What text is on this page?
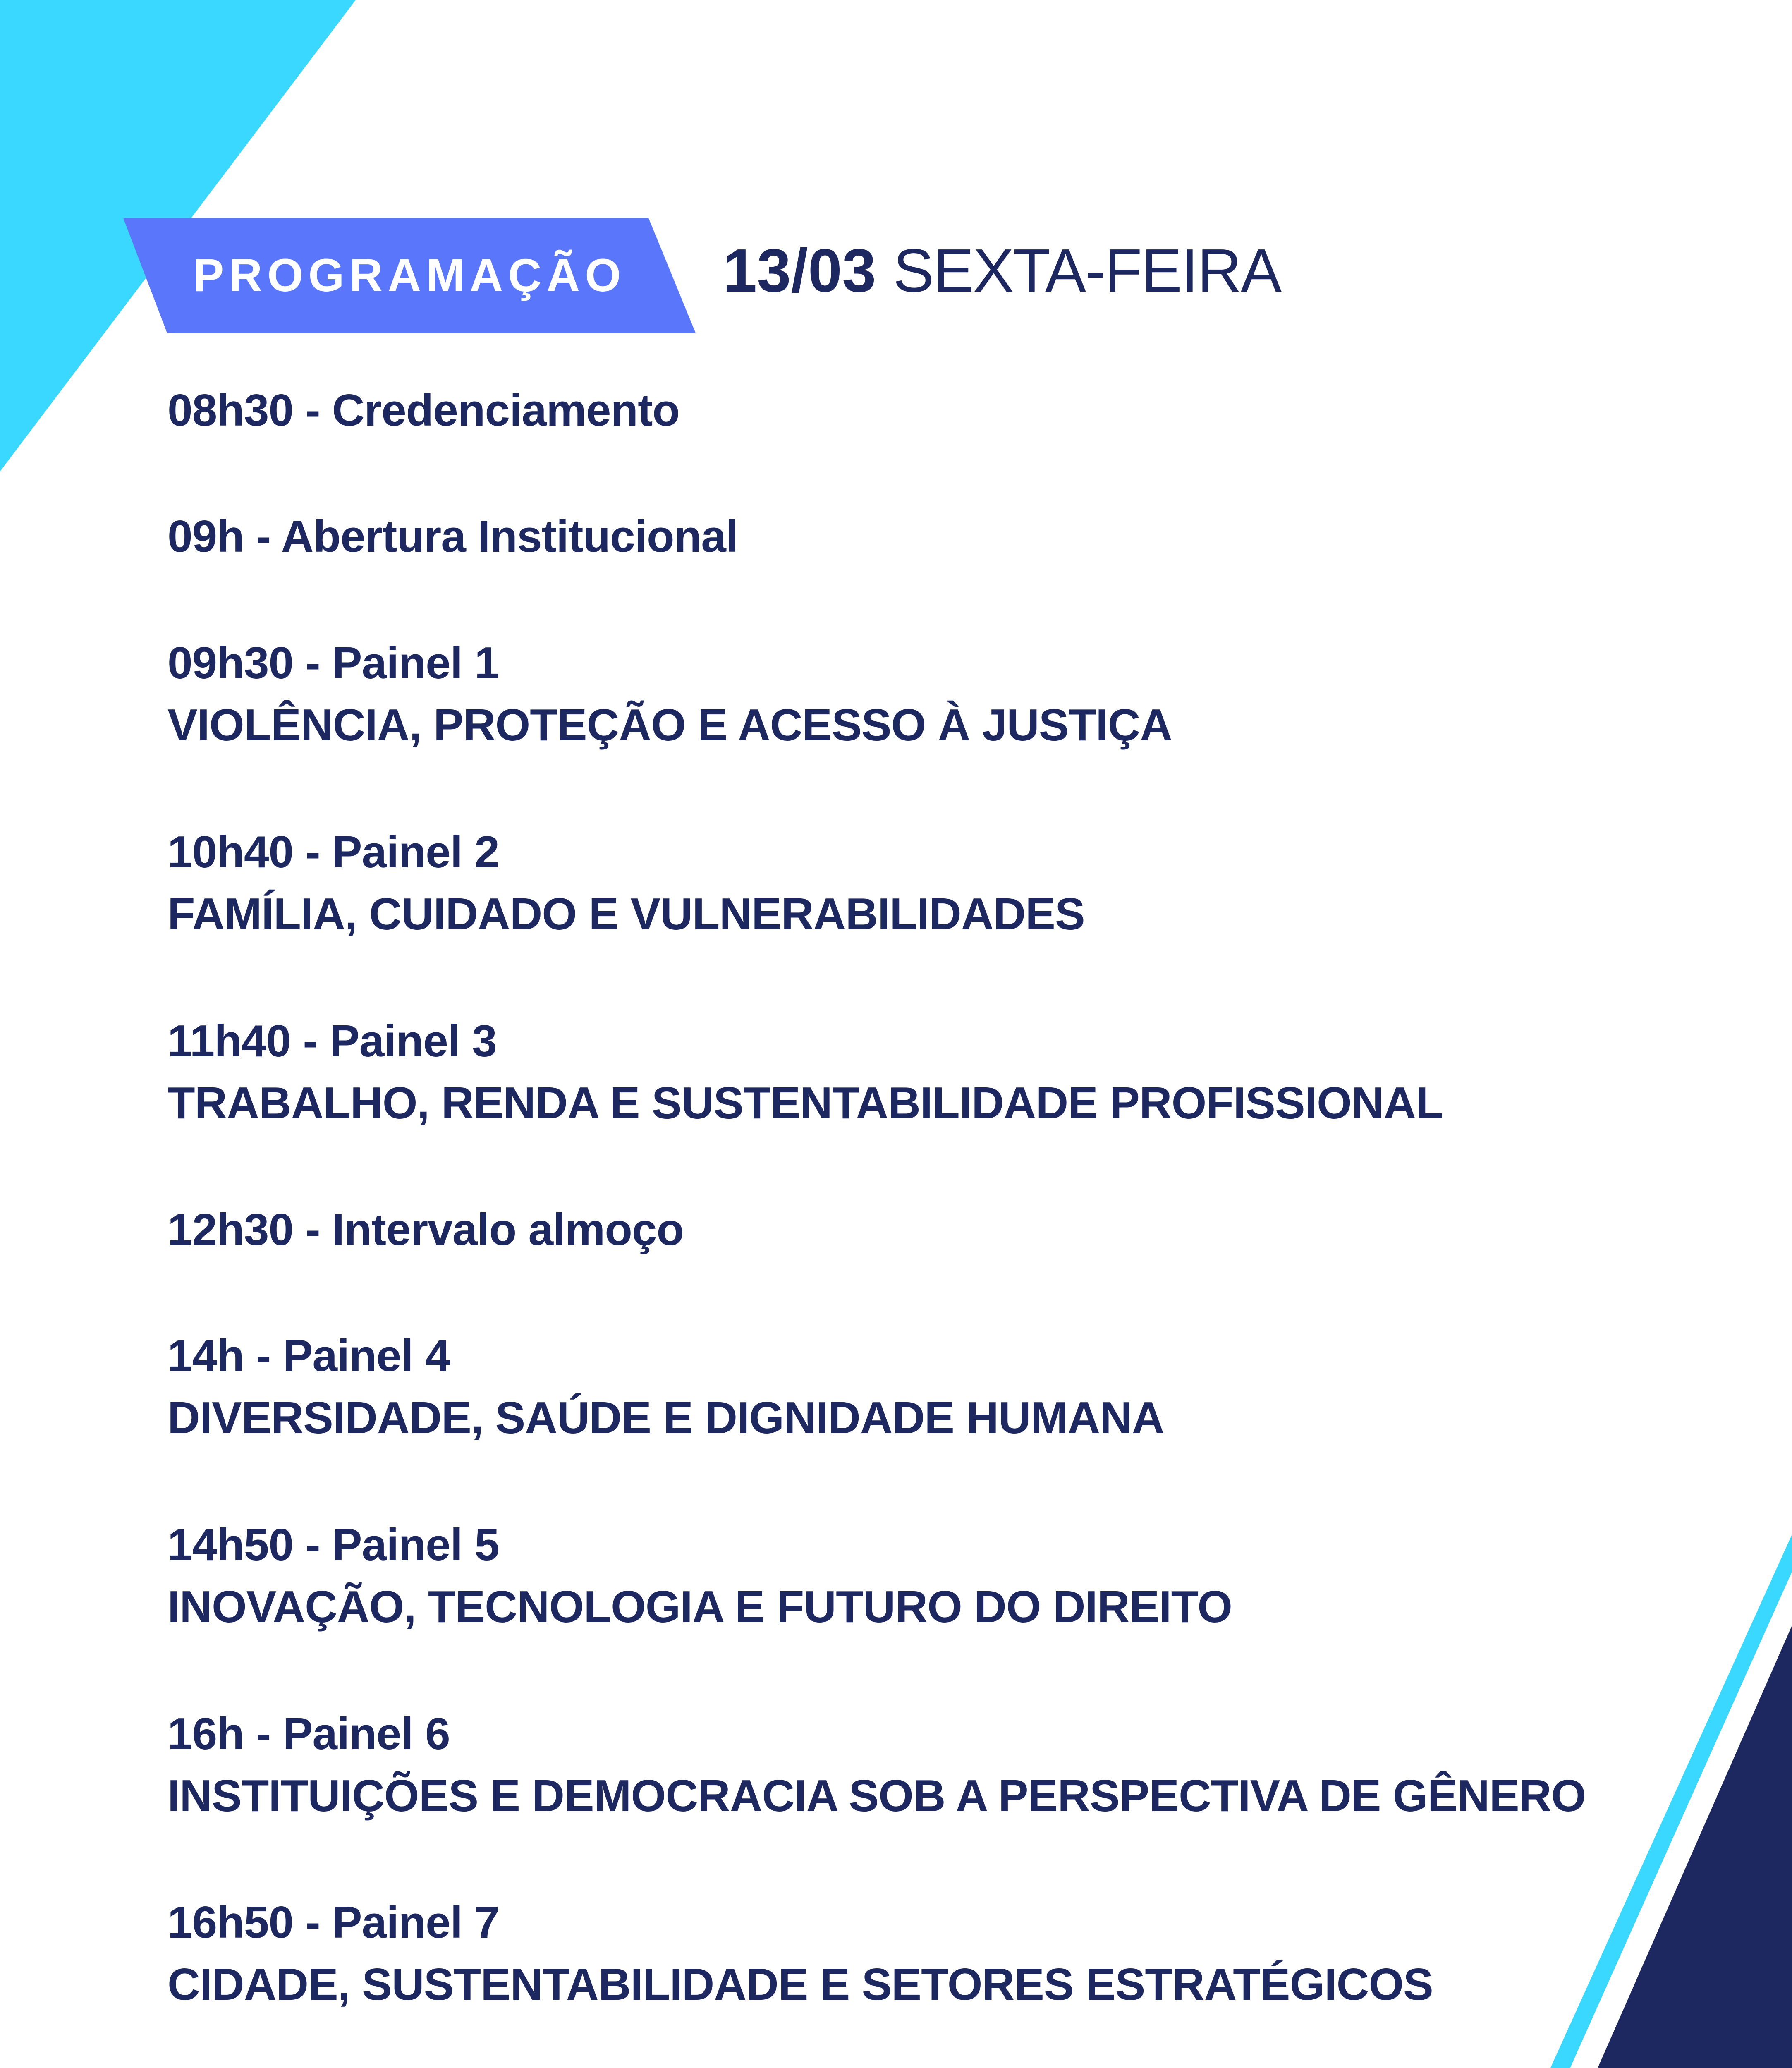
PROGRAMAÇÃO	13/03 SEXTA-FEIRA
08h30 - Credenciamento
09h - Abertura Institucional
09h30 - Painel 1
VIOLÊNCIA, PROTEÇÃO E ACESSO À JUSTIÇA
10h40 - Painel 2
FAMÍLIA, CUIDADO E VULNERABILIDADES
11h40 - Painel 3
TRABALHO, RENDA E SUSTENTABILIDADE PROFISSIONAL
12h30 - Intervalo almoço
14h - Painel 4
DIVERSIDADE, SAÚDE E DIGNIDADE HUMANA
14h50 - Painel 5
INOVAÇÃO, TECNOLOGIA E FUTURO DO DIREITO
16h - Painel 6
INSTITUIÇÕES E DEMOCRACIA SOB A PERSPECTIVA DE GÊNERO
16h50 - Painel 7
CIDADE, SUSTENTABILIDADE E SETORES ESTRATÉGICOS
